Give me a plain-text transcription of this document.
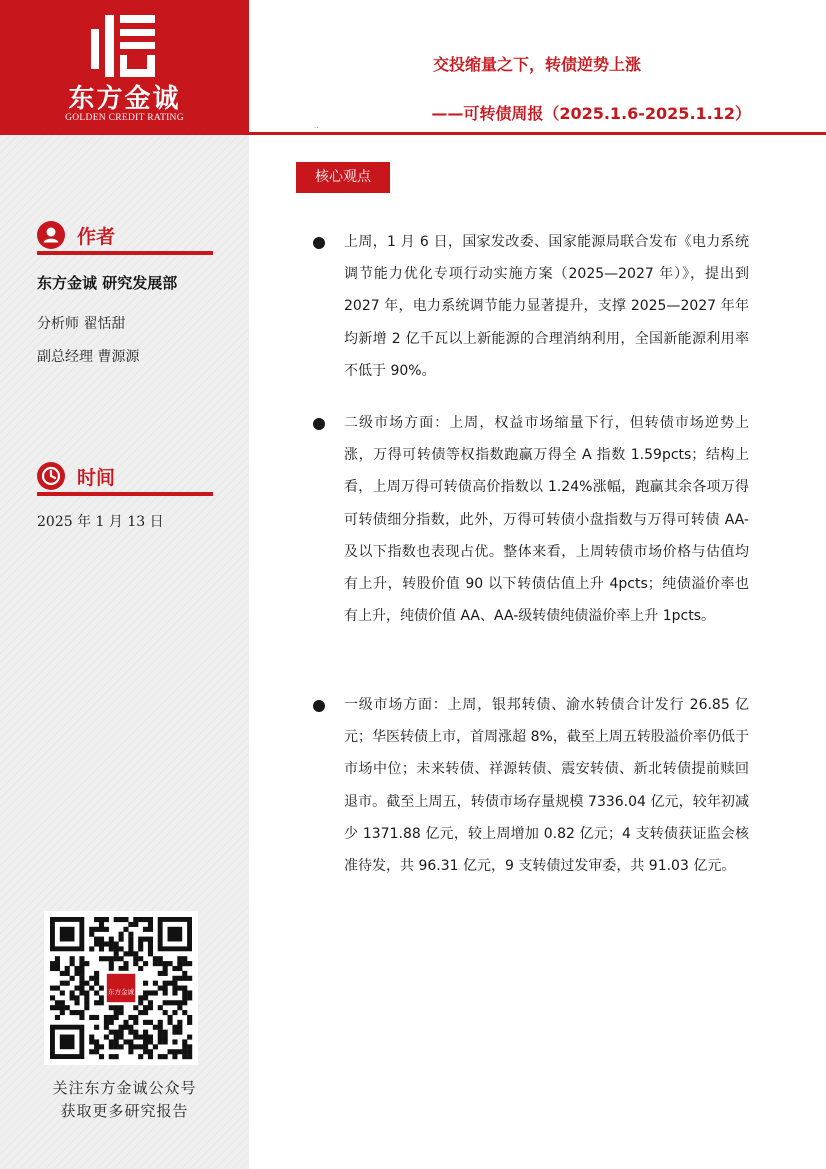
东方金诚
GOLDEN CREDIT RATING
作者
东方金诚 研究发展部
分析师 翟恬甜
副总经理 曹源源
时间
2025 年 1 月 13 日
东方金诚
关注东方金诚公众号
获取更多研究报告
交投缩量之下，转债逆势上涨
——可转债周报（2025.1.6-2025.1.12）
..
核心观点
上周，1 月 6 日，国家发改委、国家能源局联合发布《电力系统调节能力优化专项行动实施方案（2025—2027 年）》，提出到 2027 年，电力系统调节能力显著提升，支撑 2025—2027 年年均新增 2 亿千瓦以上新能源的合理消纳利用，全国新能源利用率不低于 90%。
二级市场方面：上周，权益市场缩量下行，但转债市场逆势上涨，万得可转债等权指数跑赢万得全 A 指数 1.59pcts；结构上看，上周万得可转债高价指数以 1.24%涨幅，跑赢其余各项万得可转债细分指数，此外，万得可转债小盘指数与万得可转债 AA-及以下指数也表现占优。整体来看，上周转债市场价格与估值均有上升，转股价值 90 以下转债估值上升 4pcts；纯债溢价率也有上升，纯债价值 AA、AA-级转债纯债溢价率上升 1pcts。
一级市场方面：上周，银邦转债、渝水转债合计发行 26.85 亿元；华医转债上市，首周涨超 8%，截至上周五转股溢价率仍低于市场中位；未来转债、祥源转债、震安转债、新北转债提前赎回退市。截至上周五，转债市场存量规模 7336.04 亿元，较年初减少 1371.88 亿元，较上周增加 0.82 亿元；4 支转债获证监会核准待发，共 96.31 亿元，9 支转债过发审委，共 91.03 亿元。
